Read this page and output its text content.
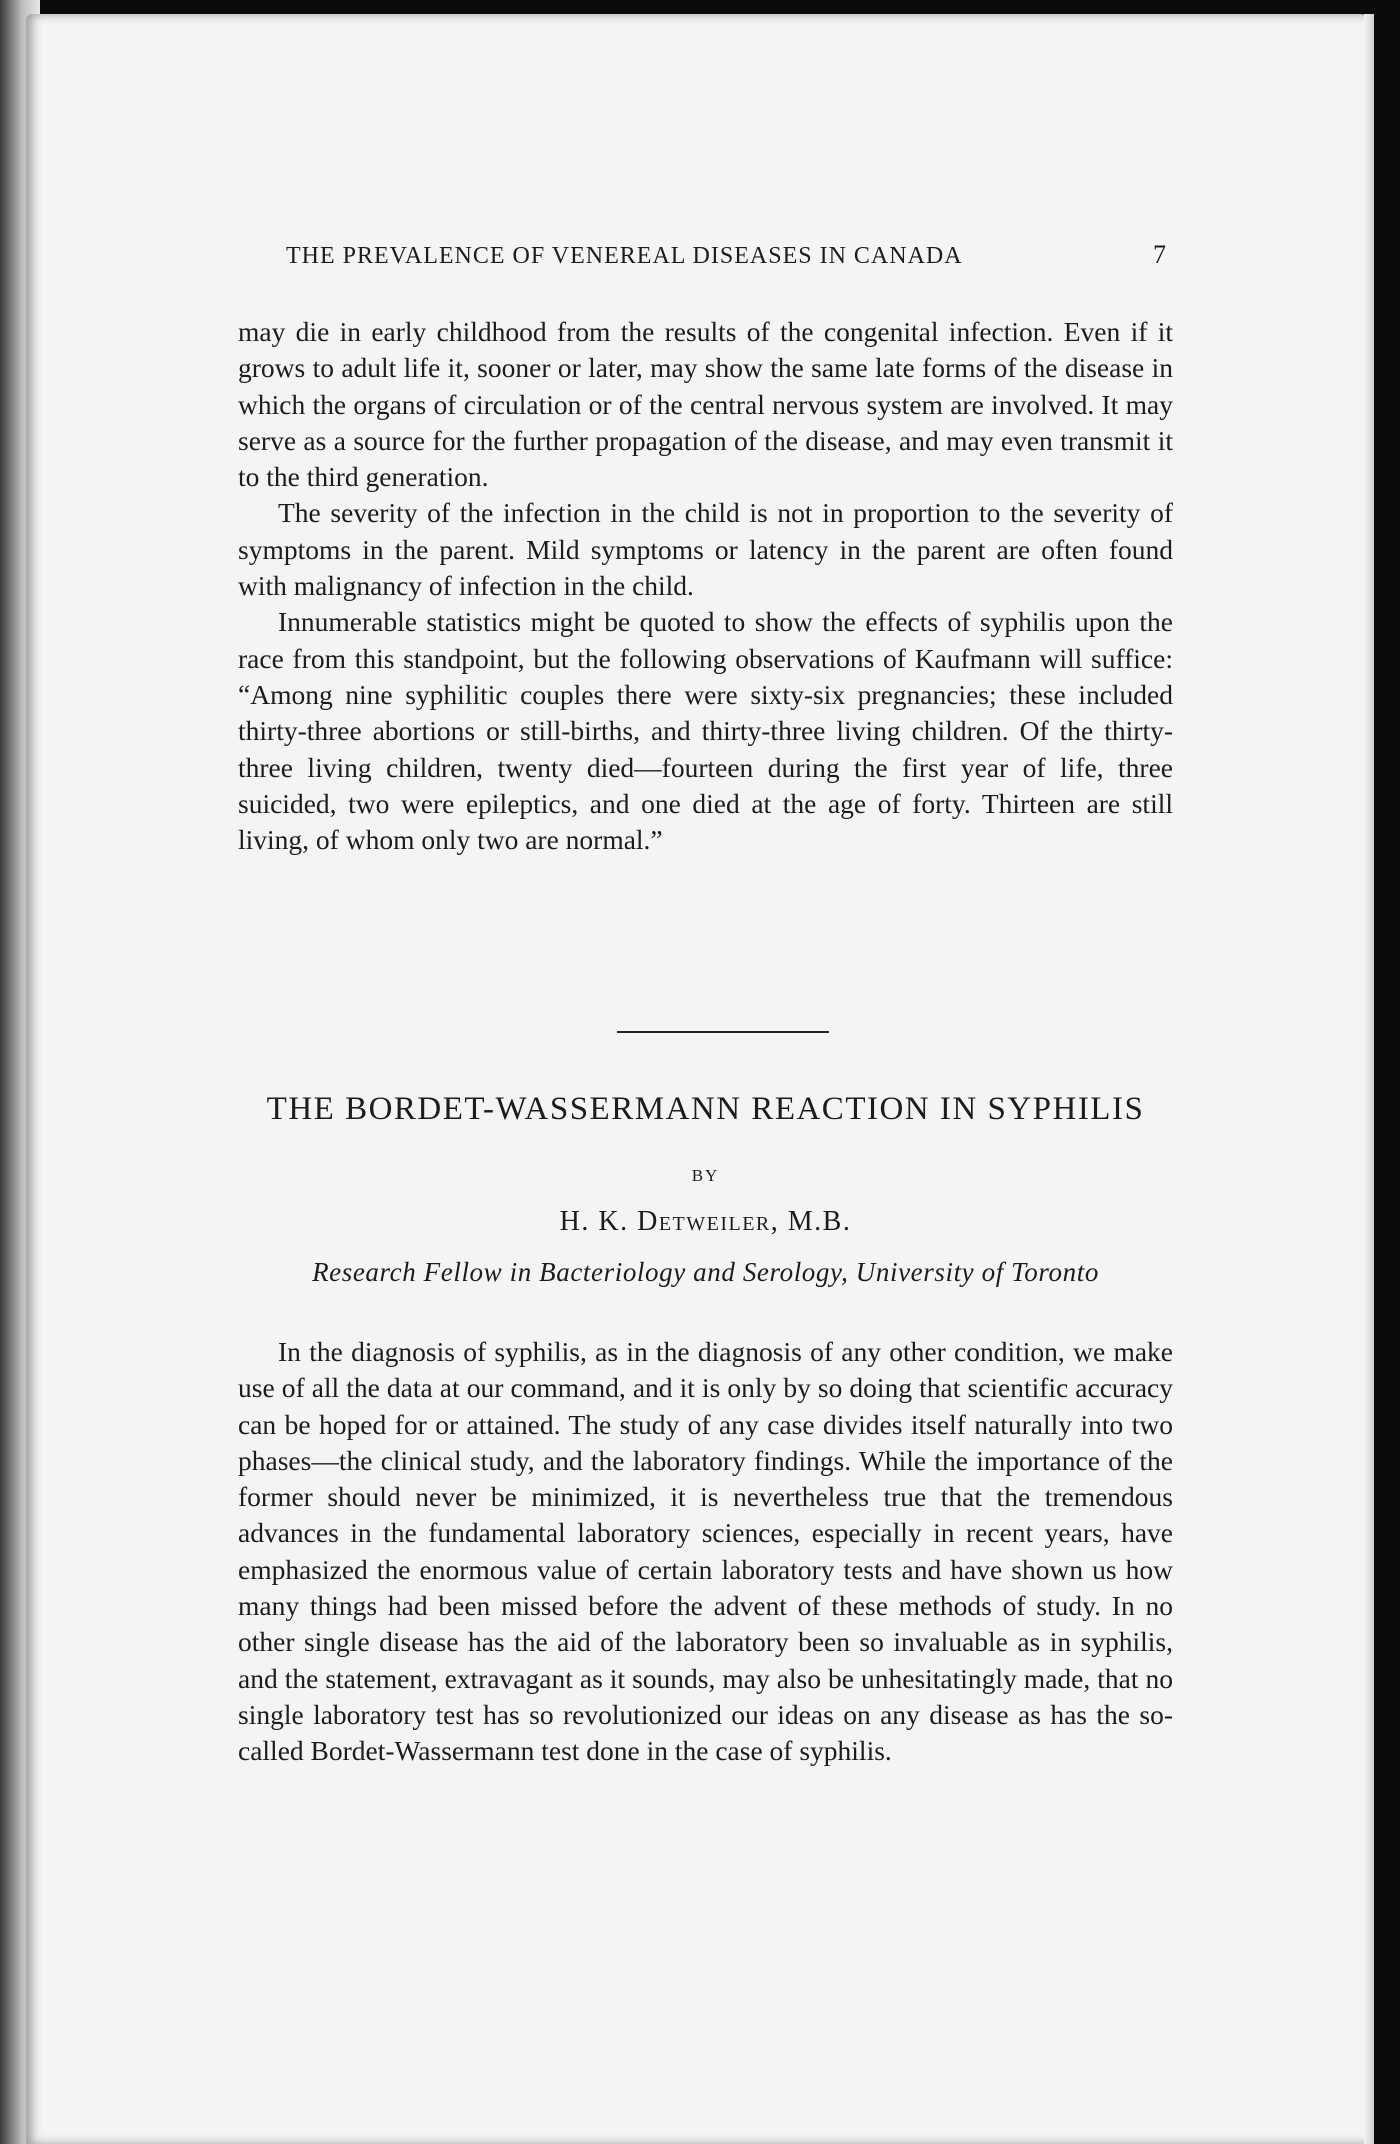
THE PREVALENCE OF VENEREAL DISEASES IN CANADA	7

may die in early childhood from the results of the congenital infection. Even if it grows to adult life it, sooner or later, may show the same late forms of the disease in which the organs of circulation or of the central nervous system are involved. It may serve as a source for the further propagation of the disease, and may even transmit it to the third generation.

The severity of the infection in the child is not in proportion to the severity of symptoms in the parent. Mild symptoms or latency in the parent are often found with malignancy of infection in the child.

Innumerable statistics might be quoted to show the effects of syphilis upon the race from this standpoint, but the following observations of Kaufmann will suffice: “Among nine syphilitic couples there were sixty-six pregnancies; these included thirty-three abortions or still-births, and thirty-three living children. Of the thirty-three living children, twenty died—fourteen during the first year of life, three suicided, two were epileptics, and one died at the age of forty. Thirteen are still living, of whom only two are normal.”

THE BORDET-WASSERMANN REACTION IN SYPHILIS
BY
H. K. Detweiler, M.B.
Research Fellow in Bacteriology and Serology, University of Toronto

In the diagnosis of syphilis, as in the diagnosis of any other condition, we make use of all the data at our command, and it is only by so doing that scientific accuracy can be hoped for or attained. The study of any case divides itself naturally into two phases—the clinical study, and the laboratory findings. While the importance of the former should never be minimized, it is nevertheless true that the tremendous advances in the fundamental laboratory sciences, especially in recent years, have emphasized the enormous value of certain laboratory tests and have shown us how many things had been missed before the advent of these methods of study. In no other single disease has the aid of the laboratory been so invaluable as in syphilis, and the statement, extravagant as it sounds, may also be unhesitatingly made, that no single laboratory test has so revolutionized our ideas on any disease as has the so-called Bordet-Wassermann test done in the case of syphilis.
